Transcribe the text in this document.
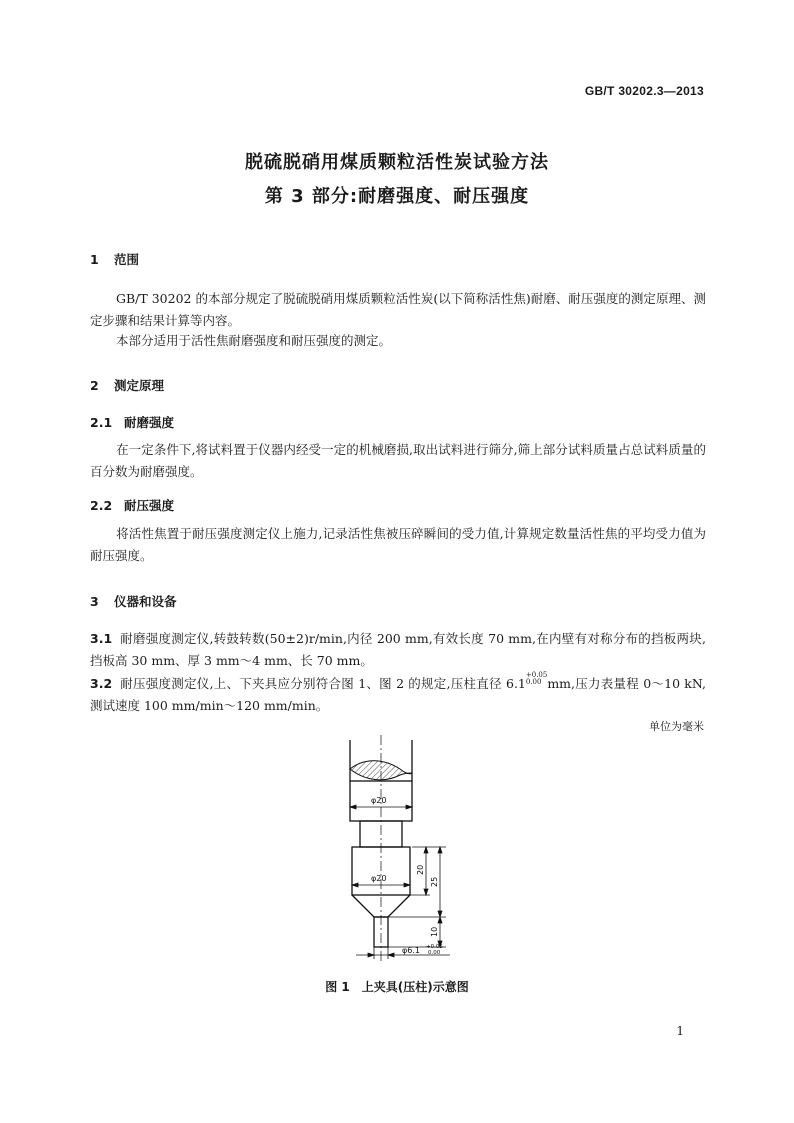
GB/T 30202.3—2013
脱硫脱硝用煤质颗粒活性炭试验方法
第 3 部分:耐磨强度、耐压强度
1 范围
GB/T 30202 的本部分规定了脱硫脱硝用煤质颗粒活性炭(以下简称活性焦)耐磨、耐压强度的测定原理、测定步骤和结果计算等内容。
本部分适用于活性焦耐磨强度和耐压强度的测定。
2 测定原理
2.1 耐磨强度
在一定条件下,将试料置于仪器内经受一定的机械磨损,取出试料进行筛分,筛上部分试料质量占总试料质量的百分数为耐磨强度。
2.2 耐压强度
将活性焦置于耐压强度测定仪上施力,记录活性焦被压碎瞬间的受力值,计算规定数量活性焦的平均受力值为耐压强度。
3 仪器和设备
3.1 耐磨强度测定仪,转鼓转数(50±2)r/min,内径 200 mm,有效长度 70 mm,在内壁有对称分布的挡板两块,挡板高 30 mm、厚 3 mm～4 mm、长 70 mm。
3.2 耐压强度测定仪,上、下夹具应分别符合图 1、图 2 的规定,压柱直径 $6.1^{+0.05 0.00}$ mm,压力表量程 0～10 kN,测试速度 100 mm/min～120 mm/min。
单位为毫米
φ20
φ20
20
25
10
φ6.1 +0.05
0.00
图 1　上夹具(压柱)示意图
1
